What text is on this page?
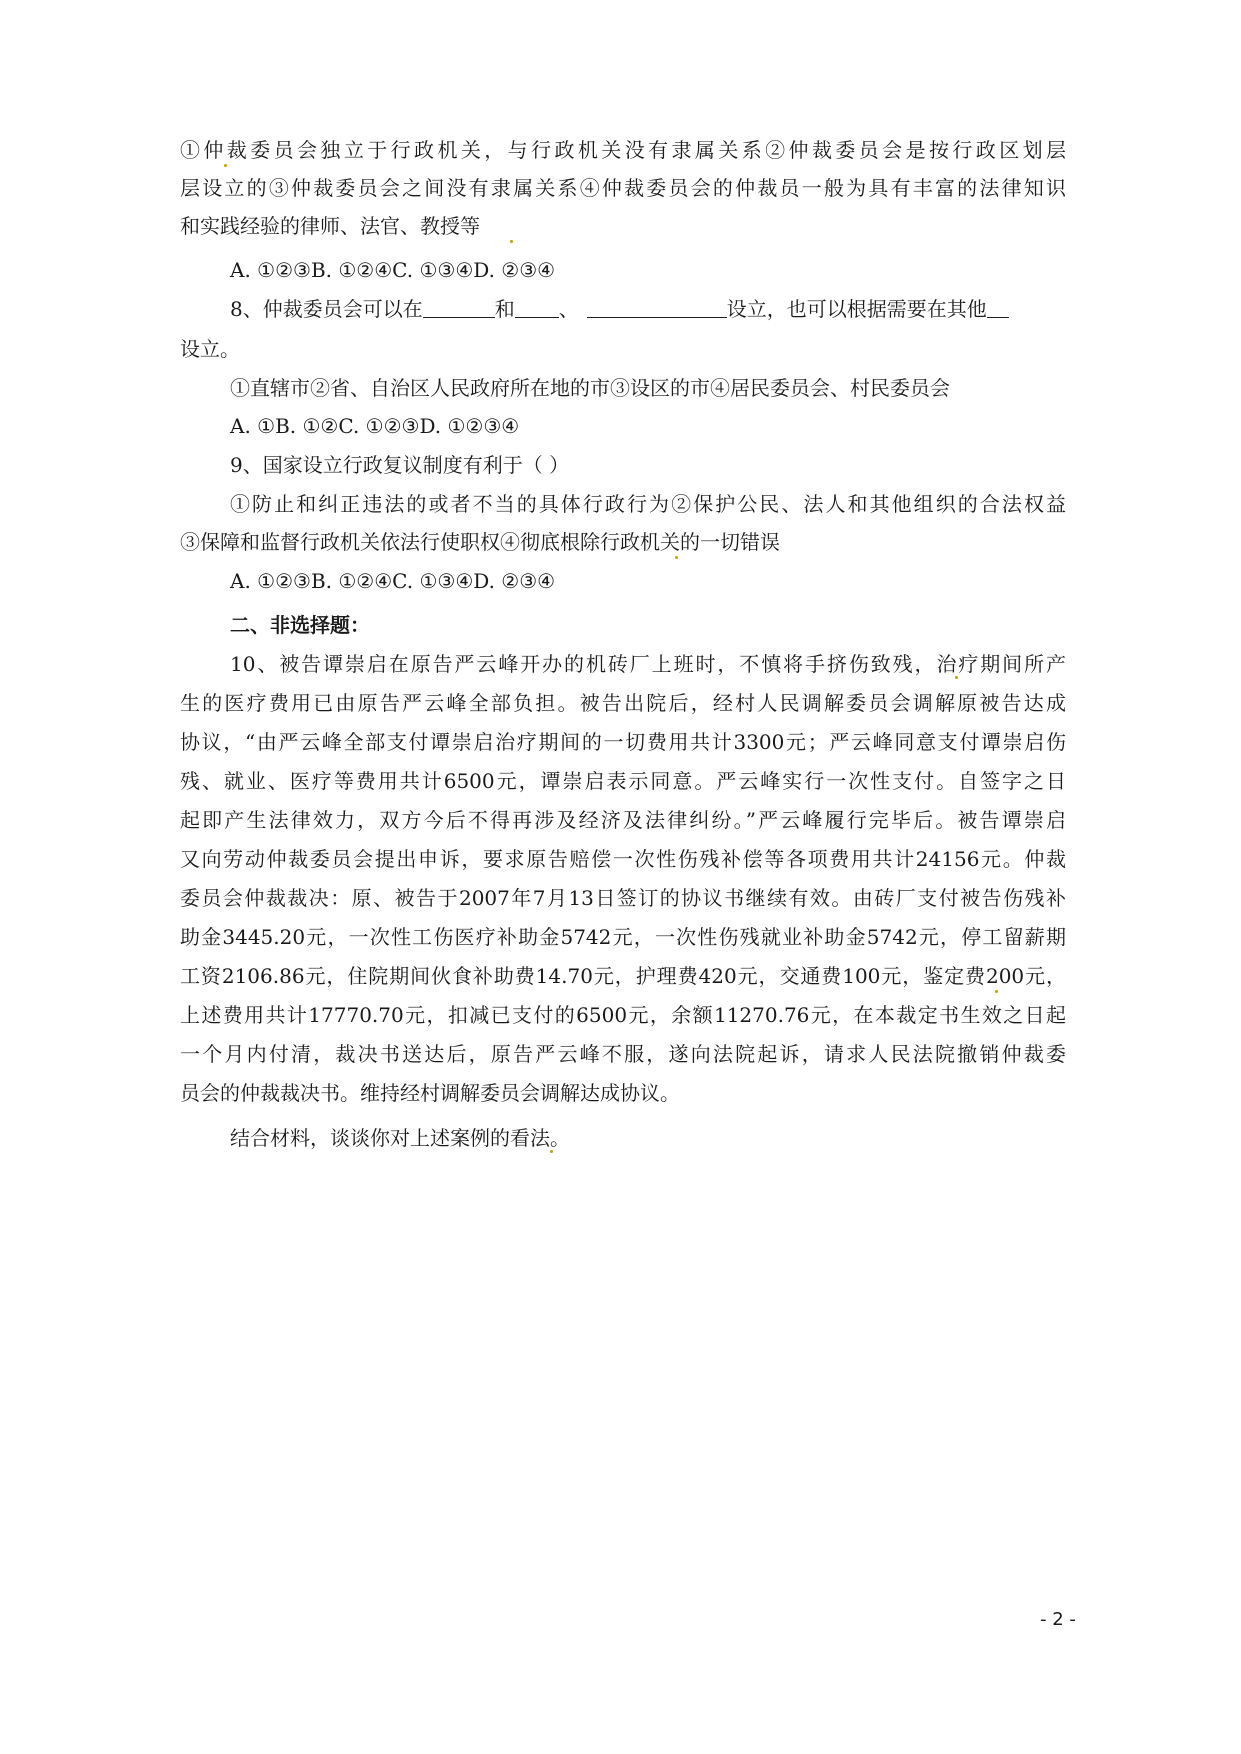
①仲裁委员会独立于行政机关，与行政机关没有隶属关系②仲裁委员会是按行政区划层
层设立的③仲裁委员会之间没有隶属关系④仲裁委员会的仲裁员一般为具有丰富的法律知识
和实践经验的律师、法官、教授等
A. ①②③B. ①②④C. ①③④D. ②③④
8、仲裁委员会可以在	和 、	设立，也可以根据需要在其他
设立。
①直辖市②省、自治区人民政府所在地的市③设区的市④居民委员会、村民委员会
A. ①B. ①②C. ①②③D. ①②③④
9、国家设立行政复议制度有利于（ ）
①防止和纠正违法的或者不当的具体行政行为②保护公民、法人和其他组织的合法权益
③保障和监督行政机关依法行使职权④彻底根除行政机关的一切错误
A. ①②③B. ①②④C. ①③④D. ②③④
二、非选择题：
10、被告谭崇启在原告严云峰开办的机砖厂上班时，不慎将手挤伤致残，治疗期间所产
生的医疗费用已由原告严云峰全部负担。被告出院后，经村人民调解委员会调解原被告达成
协议，“由严云峰全部支付谭崇启治疗期间的一切费用共计3300元；严云峰同意支付谭崇启伤
残、就业、医疗等费用共计6500元，谭崇启表示同意。严云峰实行一次性支付。自签字之日
起即产生法律效力，双方今后不得再涉及经济及法律纠纷。”严云峰履行完毕后。被告谭崇启
又向劳动仲裁委员会提出申诉，要求原告赔偿一次性伤残补偿等各项费用共计24156元。仲裁
委员会仲裁裁决：原、被告于2007年7月13日签订的协议书继续有效。由砖厂支付被告伤残补
助金3445.20元，一次性工伤医疗补助金5742元，一次性伤残就业补助金5742元，停工留薪期
工资2106.86元，住院期间伙食补助费14.70元，护理费420元，交通费100元，鉴定费200元，
上述费用共计17770.70元，扣减已支付的6500元，余额11270.76元，在本裁定书生效之日起
一个月内付清，裁决书送达后，原告严云峰不服，遂向法院起诉，请求人民法院撤销仲裁委
员会的仲裁裁决书。维持经村调解委员会调解达成协议。
结合材料，谈谈你对上述案例的看法。
- 2 -
